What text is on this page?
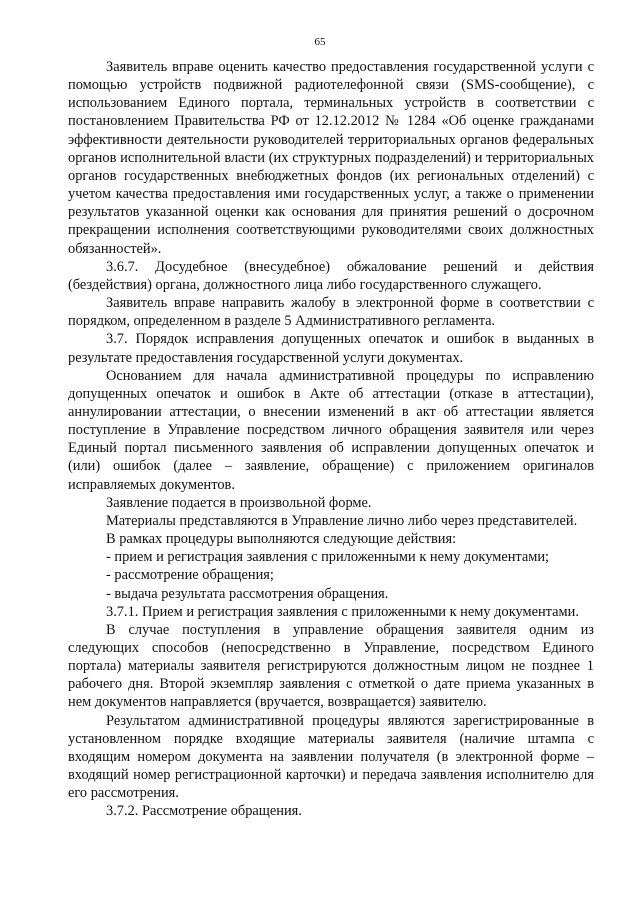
65

Заявитель вправе оценить качество предоставления государственной услуги с помощью устройств подвижной радиотелефонной связи (SMS-сообщение), с использованием Единого портала, терминальных устройств в соответствии с постановлением Правительства РФ от 12.12.2012 № 1284 «Об оценке гражданами эффективности деятельности руководителей территориальных органов федеральных органов исполнительной власти (их структурных подразделений) и территориальных органов государственных внебюджетных фондов (их региональных отделений) с учетом качества предоставления ими государственных услуг, а также о применении результатов указанной оценки как основания для принятия решений о досрочном прекращении исполнения соответствующими руководителями своих должностных обязанностей».

3.6.7. Досудебное (внесудебное) обжалование решений и действия (бездействия) органа, должностного лица либо государственного служащего.

Заявитель вправе направить жалобу в электронной форме в соответствии с порядком, определенном в разделе 5 Административного регламента.

3.7. Порядок исправления допущенных опечаток и ошибок в выданных в результате предоставления государственной услуги документах.

Основанием для начала административной процедуры по исправлению допущенных опечаток и ошибок в Акте об аттестации (отказе в аттестации), аннулировании аттестации, о внесении изменений в акт об аттестации является поступление в Управление посредством личного обращения заявителя или через Единый портал письменного заявления об исправлении допущенных опечаток и (или) ошибок (далее – заявление, обращение) с приложением оригиналов исправляемых документов.

Заявление подается в произвольной форме.

Материалы представляются в Управление лично либо через представителей.

В рамках процедуры выполняются следующие действия:

- прием и регистрация заявления с приложенными к нему документами;

- рассмотрение обращения;

- выдача результата рассмотрения обращения.

3.7.1. Прием и регистрация заявления с приложенными к нему документами.

В случае поступления в управление обращения заявителя одним из следующих способов (непосредственно в Управление, посредством Единого портала) материалы заявителя регистрируются должностным лицом не позднее 1 рабочего дня. Второй экземпляр заявления с отметкой о дате приема указанных в нем документов направляется (вручается, возвращается) заявителю.

Результатом административной процедуры являются зарегистрированные в установленном порядке входящие материалы заявителя (наличие штампа с входящим номером документа на заявлении получателя (в электронной форме – входящий номер регистрационной карточки) и передача заявления исполнителю для его рассмотрения.

3.7.2. Рассмотрение обращения.
